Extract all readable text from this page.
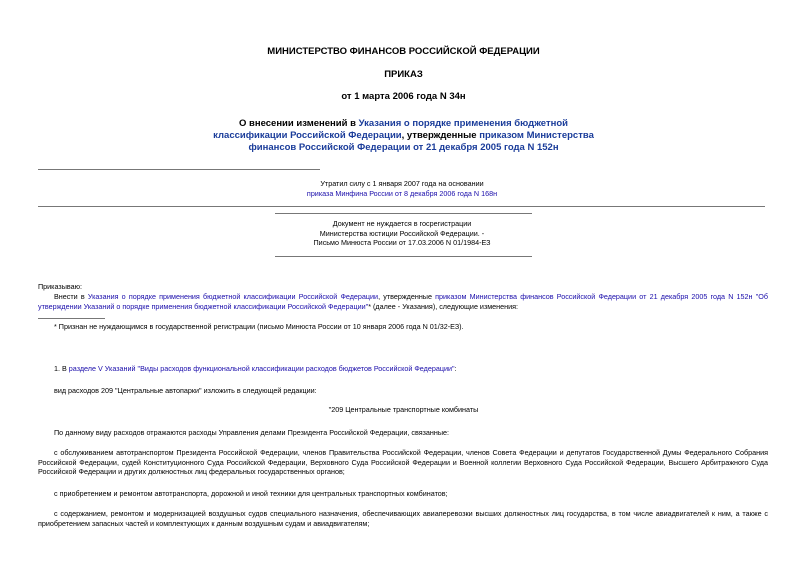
МИНИСТЕРСТВО ФИНАНСОВ РОССИЙСКОЙ ФЕДЕРАЦИИ
ПРИКАЗ
от 1 марта 2006 года N 34н
О внесении изменений в Указания о порядке применения бюджетной
классификации Российской Федерации, утвержденные приказом Министерства
финансов Российской Федерации от 21 декабря 2005 года N 152н
Утратил силу с 1 января 2007 года на основании
приказа Минфина России от 8 декабря 2006 года N 168н
Документ не нуждается в госрегистрации
Министерства юстиции Российской Федерации. -
Письмо Минюста России от 17.03.2006 N 01/1984-ЕЗ
Приказываю:
Внести в Указания о порядке применения бюджетной классификации Российской Федерации, утвержденные приказом Министерства финансов Российской Федерации от 21 декабря 2005 года N 152н "Об утверждении Указаний о порядке применения бюджетной классификации Российской Федерации"* (далее - Указания), следующие изменения:
* Признан не нуждающимся в государственной регистрации (письмо Минюста России от 10 января 2006 года N 01/32-ЕЗ).
1. В разделе V Указаний "Виды расходов функциональной классификации расходов бюджетов Российской Федерации":
вид расходов 209 "Центральные автопарки" изложить в следующей редакции:
"209 Центральные транспортные комбинаты
По данному виду расходов отражаются расходы Управления делами Президента Российской Федерации, связанные:
с обслуживанием автотранспортом Президента Российской Федерации, членов Правительства Российской Федерации, членов Совета Федерации и депутатов Государственной Думы Федерального Собрания Российской Федерации, судей Конституционного Суда Российской Федерации, Верховного Суда Российской Федерации и Военной коллегии Верховного Суда Российской Федерации, Высшего Арбитражного Суда Российской Федерации и других должностных лиц федеральных государственных органов;
с приобретением и ремонтом автотранспорта, дорожной и иной техники для центральных транспортных комбинатов;
с содержанием, ремонтом и модернизацией воздушных судов специального назначения, обеспечивающих авиаперевозки высших должностных лиц государства, в том числе авиадвигателей к ним, а также с приобретением запасных частей и комплектующих к данным воздушным судам и авиадвигателям;
